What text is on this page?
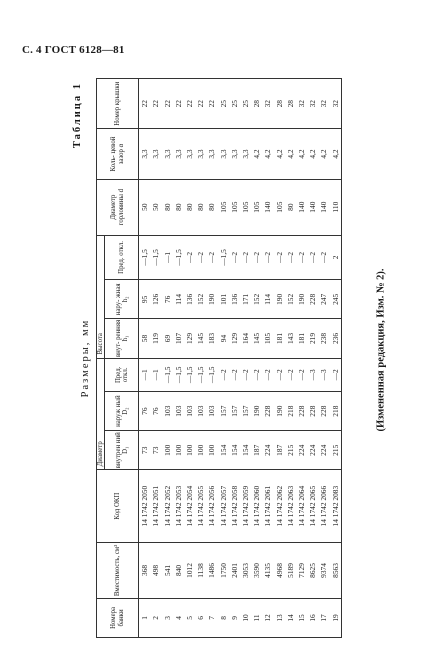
С. 4 ГОСТ 6128—81
Таблица 1
Размеры, мм
Номера банки	Вместимость, см³	Код ОКП	Диаметр			Высота			Диаметр горловины d	Коль- цевой зазор α	Номер крышки
			внутрен ний D₁	наруж ный D₂	Пред. откл.	внут- ренняя h₁	нару- жная h₂	Пред. откл.			
1	368	14 1742 2050	73	76	—1	58	95	—1,5	50	3,3	22
2	498	14 1742 2051	73	76	—1	119	126	—1,5	50	3,3	22
3	541	14 1742 2052	100	103	—1,5	69	76	—1	80	3,3	22
4	840	14 1742 2053	100	103	—1,5	107	114	—1,5	80	3,3	22
5	1012	14 1742 2054	100	103	—1,5	129	136	—2	80	3,3	22
6	1138	14 1742 2055	100	103	—1,5	145	152	—2	80	3,3	22
7	1486	14 1742 2056	100	103	—1,5	183	190	—2	80	3,3	22
8	1750	14 1742 2057	154	157	—2	94	101	—1,5	105	3,3	25
9	2401	14 1742 2058	154	157	—2	129	136	—2	105	3,3	25
10	3053	14 1742 2059	154	157	—2	164	171	—2	105	3,3	25
11	3590	14 1742 2060	187	190	—2	145	152	—2	105	4,2	28
12	4135	14 1742 2061	224	228	—2	105	114	—2	140	4,2	32
13	4968	14 1742 2062	187	190	—2	181	190	—2	105	4,2	28
14	5189	14 1742 2063	215	218	—2	143	152	—2	80	4,2	28
15	7129	14 1742 2064	224	228	—2	181	190	—2	140	4,2	32
16	8625	14 1742 2065	224	228	—3	219	228	—2	140	4,2	32
17	9374	14 1742 2066	224	228	—3	238	247	—2	140	4,2	32
19	8563	14 1742 2083	215	218	—2	236	245	2	110	4,2	32
(Измененная редакция, Изм. № 2).
